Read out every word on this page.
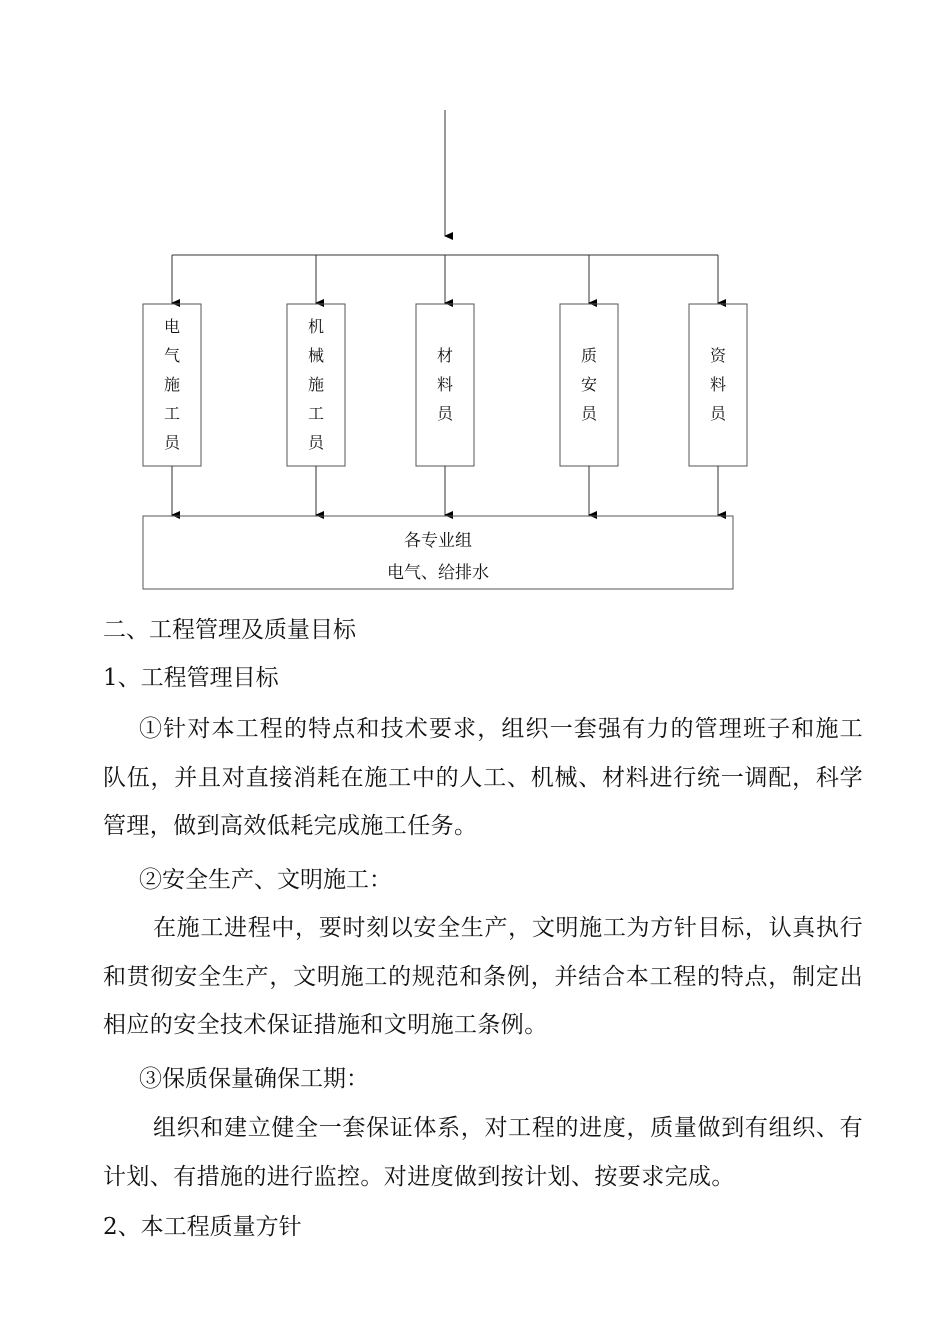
电
气
施
工
员
机
械
施
工
员
材
料
员
质
安
员
资
料
员
各专业组
电气、给排水
二、工程管理及质量目标
1、工程管理目标
①针对本工程的特点和技术要求，组织一套强有力的管理班子和施工队伍，并且对直接消耗在施工中的人工、机械、材料进行统一调配，科学管理，做到高效低耗完成施工任务。
②安全生产、文明施工：
在施工进程中，要时刻以安全生产，文明施工为方针目标，认真执行和贯彻安全生产，文明施工的规范和条例，并结合本工程的特点，制定出相应的安全技术保证措施和文明施工条例。
③保质保量确保工期：
组织和建立健全一套保证体系，对工程的进度，质量做到有组织、有计划、有措施的进行监控。对进度做到按计划、按要求完成。
2、本工程质量方针
